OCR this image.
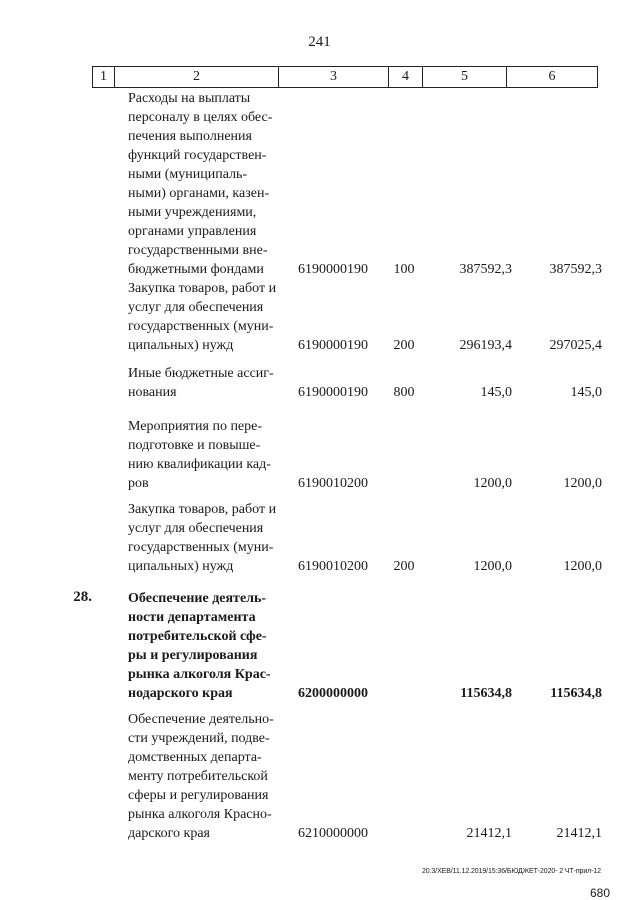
241
1	2	3	4	5	6
Расходы на выплаты
персоналу в целях обес-
печения выполнения
функций государствен-
ными (муниципаль-
ными) органами, казен-
ными учреждениями,
органами управления
государственными вне-
бюджетными фондами	6190000190 100	387592,3	387592,3
Закупка товаров, работ и
услуг для обеспечения
государственных (муни-
ципальных) нужд	6190000190 200	296193,4	297025,4
Иные бюджетные ассиг-
нования	6190000190 800	145,0	145,0
Мероприятия по пере-
подготовке и повыше-
нию квалификации кад-
ров	6190010200	1200,0	1200,0
Закупка товаров, работ и
услуг для обеспечения
государственных (муни-
ципальных) нужд	6190010200 200	1200,0	1200,0
28.	Обеспечение деятель-
ности департамента
потребительской сфе-
ры и регулирования
рынка алкоголя Крас-
нодарского края	6200000000	115634,8	115634,8
Обеспечение деятельно-
сти учреждений, подве-
домственных департа-
менту потребительской
сферы и регулирования
рынка алкоголя Красно-
дарского края	6210000000	21412,1	21412,1
20.3/ХЕВ/11.12.2019/15:36/БЮДЖЕТ-2020- 2 ЧТ-прил-12
680
